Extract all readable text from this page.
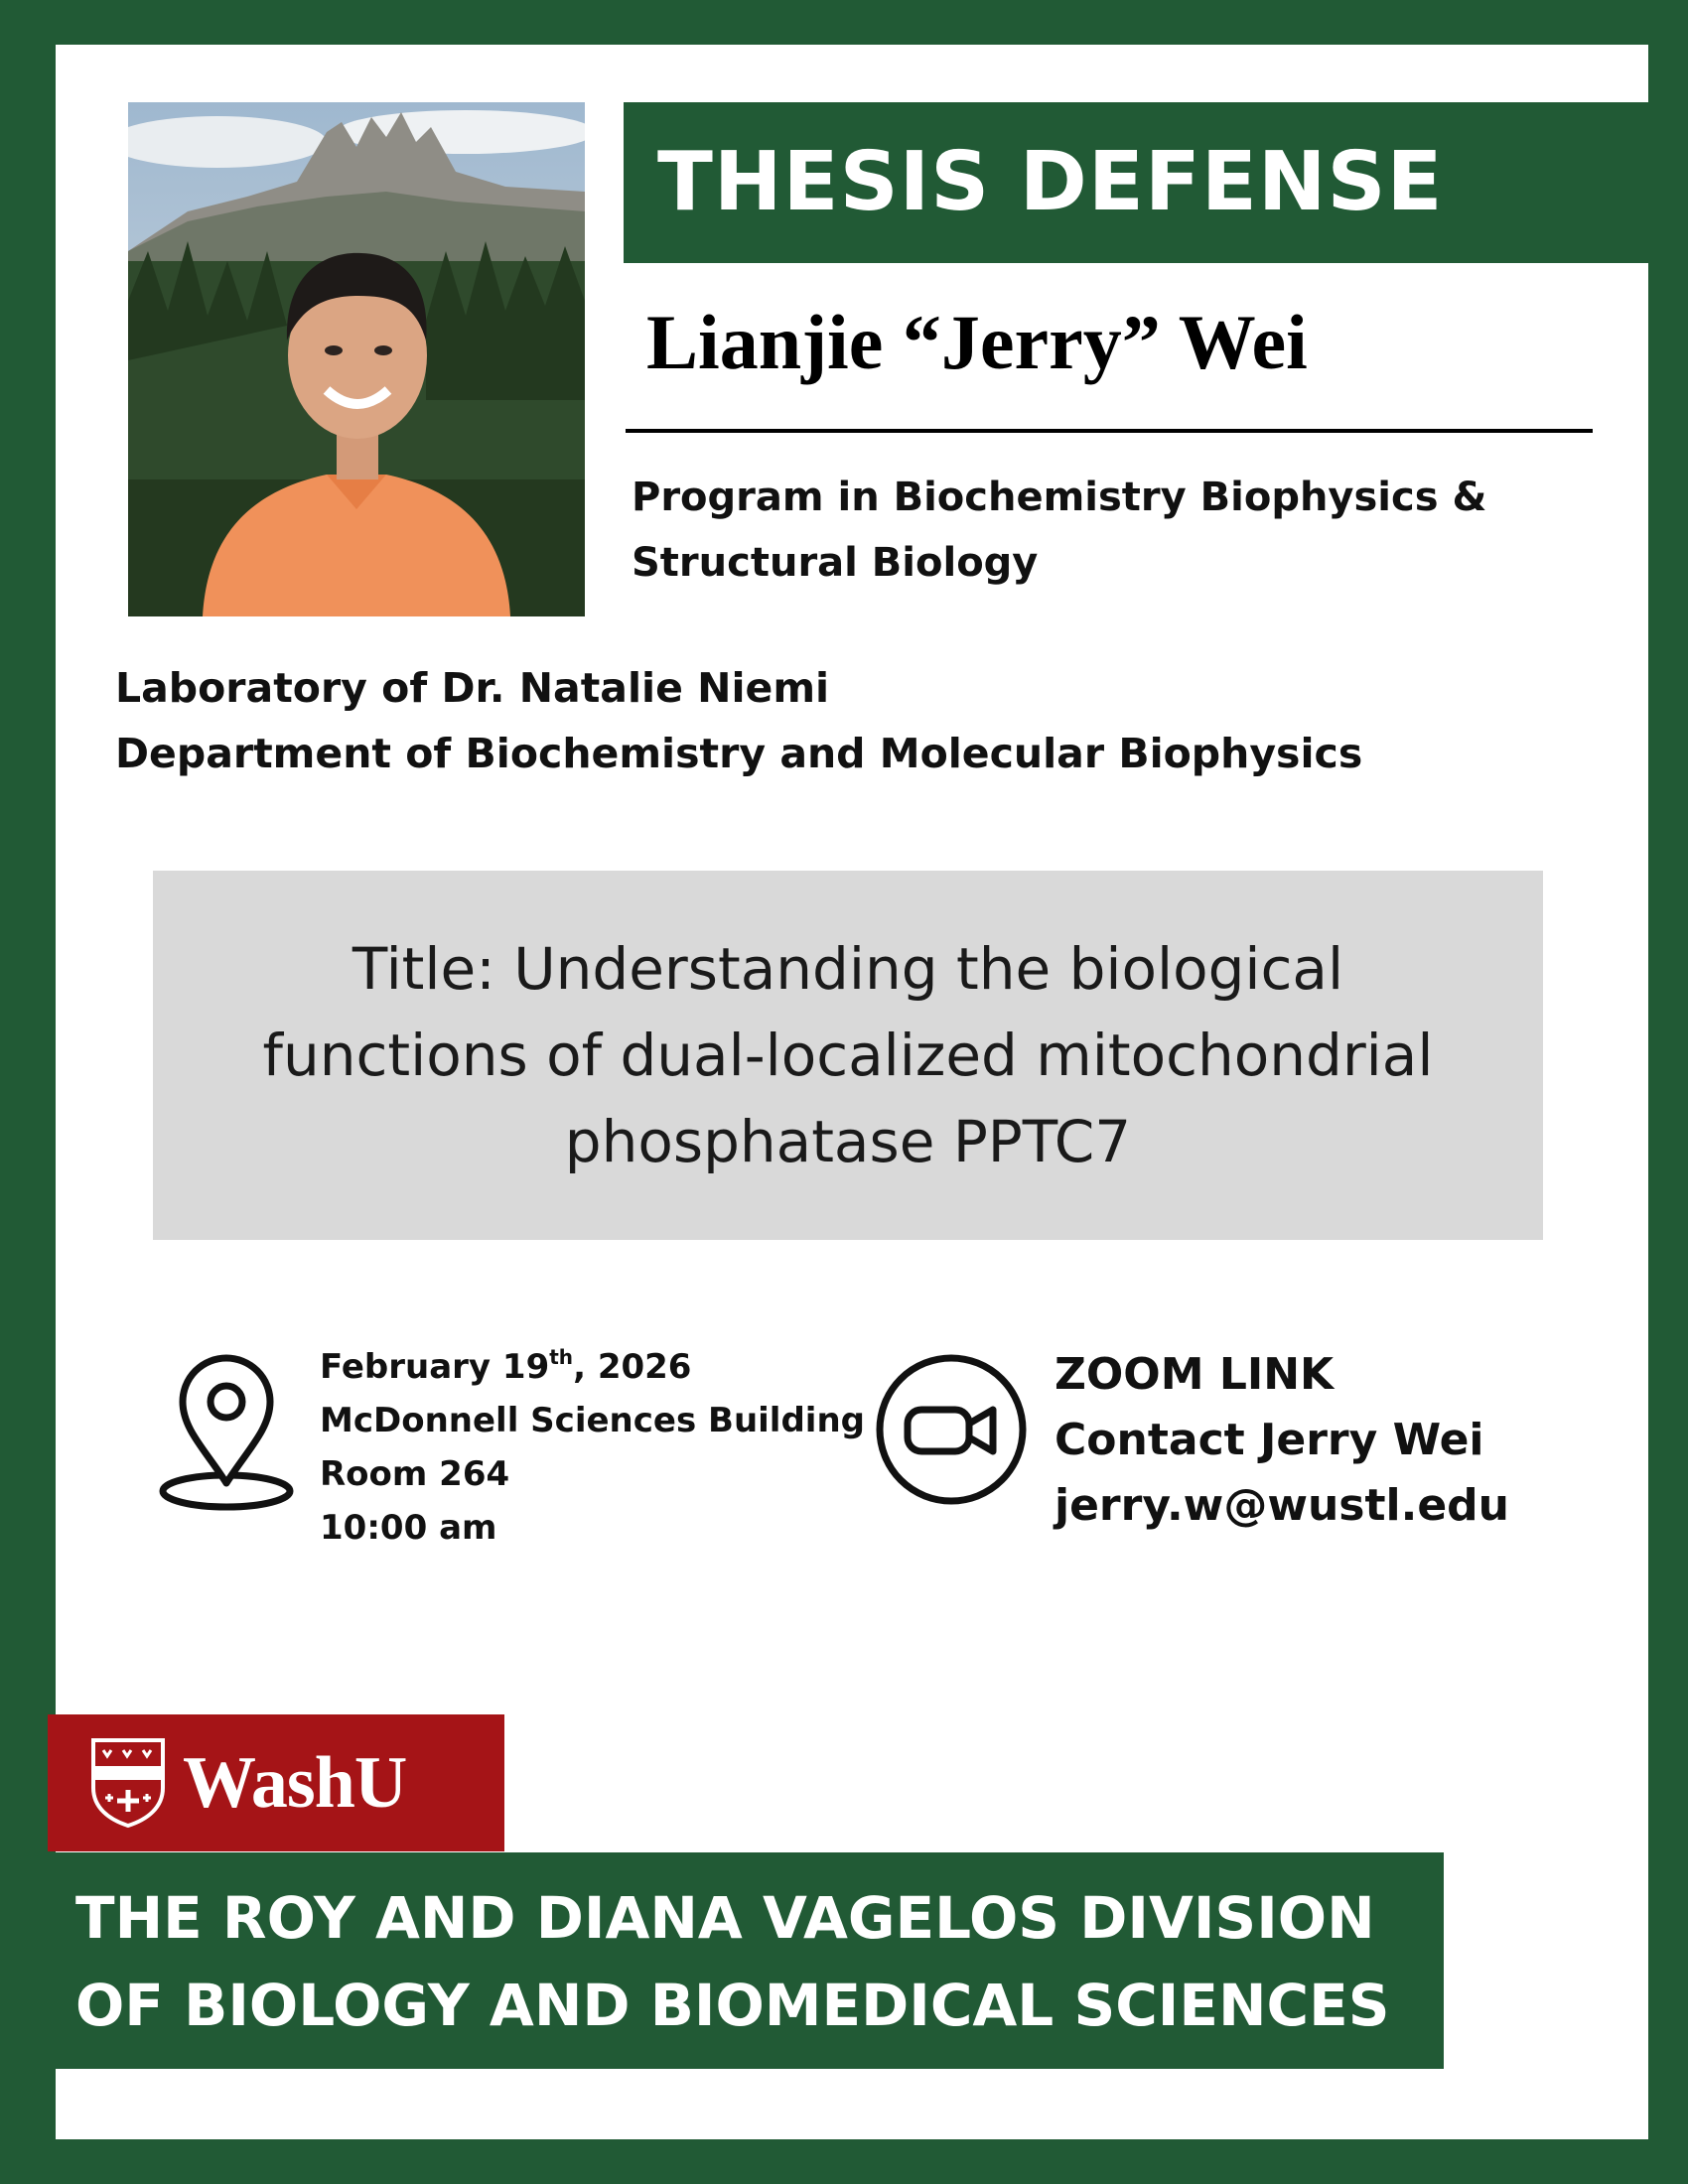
THESIS DEFENSE
Lianjie “Jerry” Wei
Program in Biochemistry Biophysics &
Structural Biology
Laboratory of Dr. Natalie Niemi
Department of Biochemistry and Molecular Biophysics
Title: Understanding the biological
functions of dual-localized mitochondrial
phosphatase PPTC7
February 19th, 2026
McDonnell Sciences Building
Room 264
10:00 am
ZOOM LINK
Contact Jerry Wei
jerry.w@wustl.edu
WashU
THE ROY AND DIANA VAGELOS DIVISION
OF BIOLOGY AND BIOMEDICAL SCIENCES
